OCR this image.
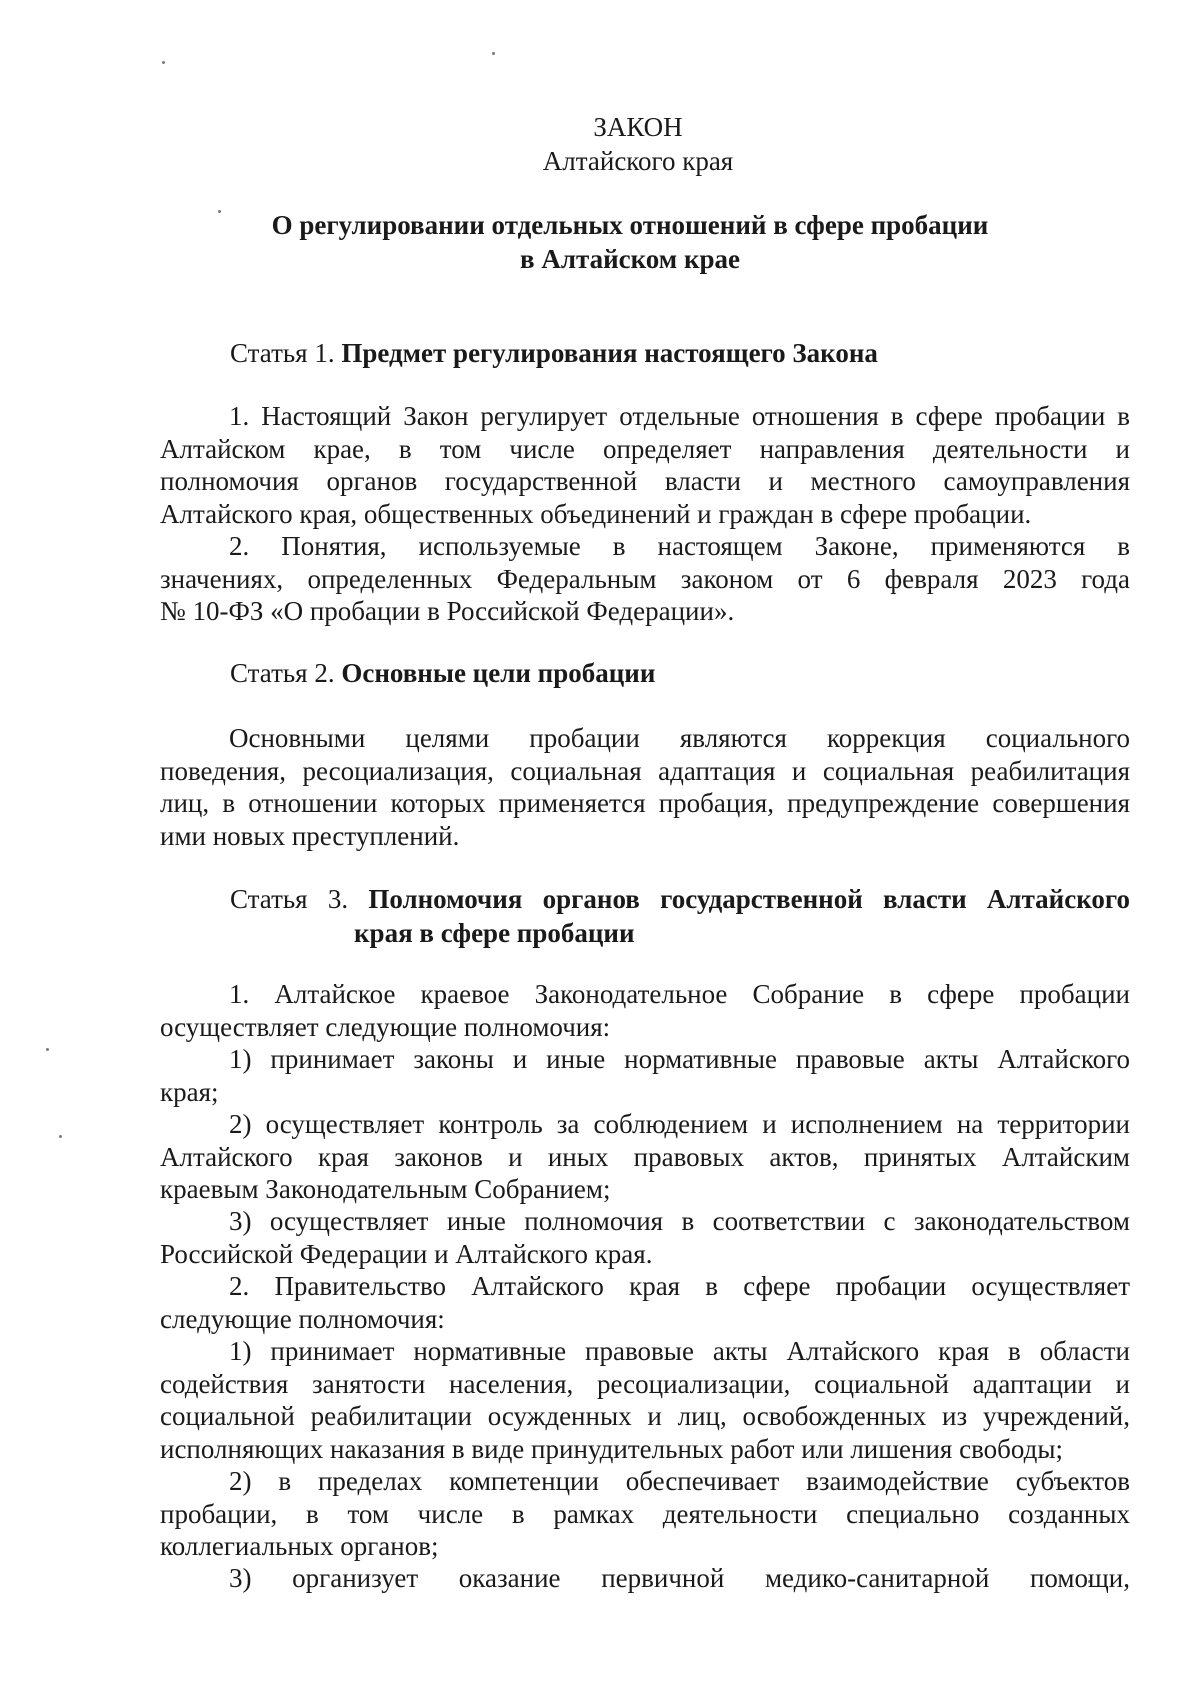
ЗАКОН
Алтайского края
О регулировании отдельных отношений в сфере пробации
в Алтайском крае
Статья 1. Предмет регулирования настоящего Закона
1. Настоящий Закон регулирует отдельные отношения в сфере пробации в
Алтайском крае, в том числе определяет направления деятельности и
полномочия органов государственной власти и местного самоуправления
Алтайского края, общественных объединений и граждан в сфере пробации.
2. Понятия, используемые в настоящем Законе, применяются в
значениях, определенных Федеральным законом от 6 февраля 2023 года
№ 10-ФЗ «О пробации в Российской Федерации».
Статья 2. Основные цели пробации
Основными целями пробации являются коррекция социального
поведения, ресоциализация, социальная адаптация и социальная реабилитация
лиц, в отношении которых применяется пробация, предупреждение совершения
ими новых преступлений.
Статья 3. Полномочия органов государственной власти Алтайского
края в сфере пробации
1. Алтайское краевое Законодательное Собрание в сфере пробации
осуществляет следующие полномочия:
1) принимает законы и иные нормативные правовые акты Алтайского
края;
2) осуществляет контроль за соблюдением и исполнением на территории
Алтайского края законов и иных правовых актов, принятых Алтайским
краевым Законодательным Собранием;
3) осуществляет иные полномочия в соответствии с законодательством
Российской Федерации и Алтайского края.
2. Правительство Алтайского края в сфере пробации осуществляет
следующие полномочия:
1) принимает нормативные правовые акты Алтайского края в области
содействия занятости населения, ресоциализации, социальной адаптации и
социальной реабилитации осужденных и лиц, освобожденных из учреждений,
исполняющих наказания в виде принудительных работ или лишения свободы;
2) в пределах компетенции обеспечивает взаимодействие субъектов
пробации, в том числе в рамках деятельности специально созданных
коллегиальных органов;
3) организует оказание первичной медико-санитарной помощи,
